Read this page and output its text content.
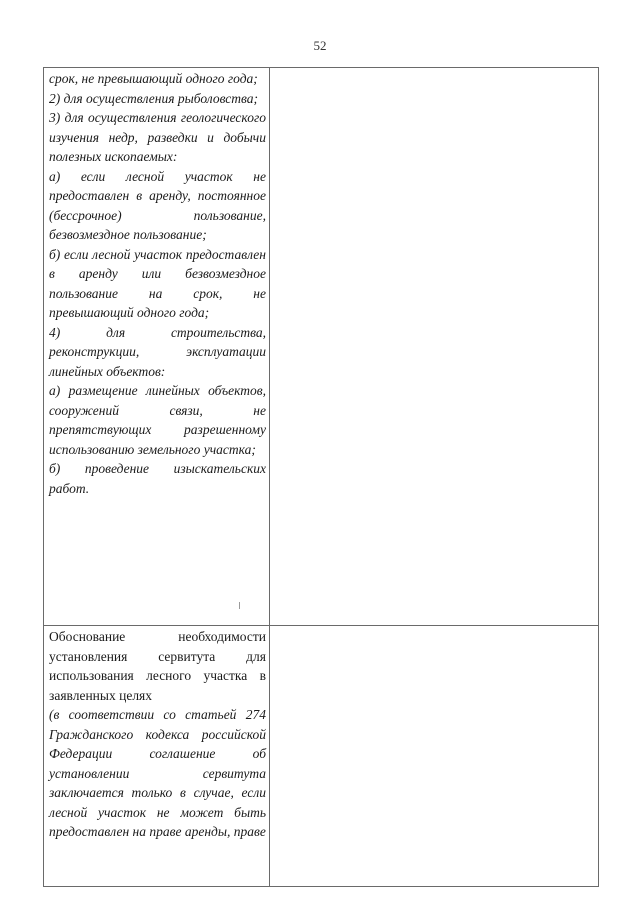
52

срок, не превышающий одного года;

2) для осуществления рыболовства;

3) для осуществления геологического изучения недр, разведки и добычи полезных ископаемых:

а) если лесной участок не предоставлен в аренду, постоянное (бессрочное) пользование, безвозмездное пользование;

б) если лесной участок предоставлен в аренду или безвозмездное пользование на срок, не превышающий одного года;

4) для строительства, реконструкции, эксплуатации линейных объектов:

а) размещение линейных объектов, сооружений связи, не препятствующих разрешенному использованию земельного участка;

б) проведение изыскательских работ.

Обоснование необходимости установления сервитута для использования лесного участка в заявленных целях

(в соответствии со статьей 274 Гражданского кодекса российской Федерации соглашение об установлении сервитута заключается только в случае, если лесной участок не может быть предоставлен на праве аренды, праве
